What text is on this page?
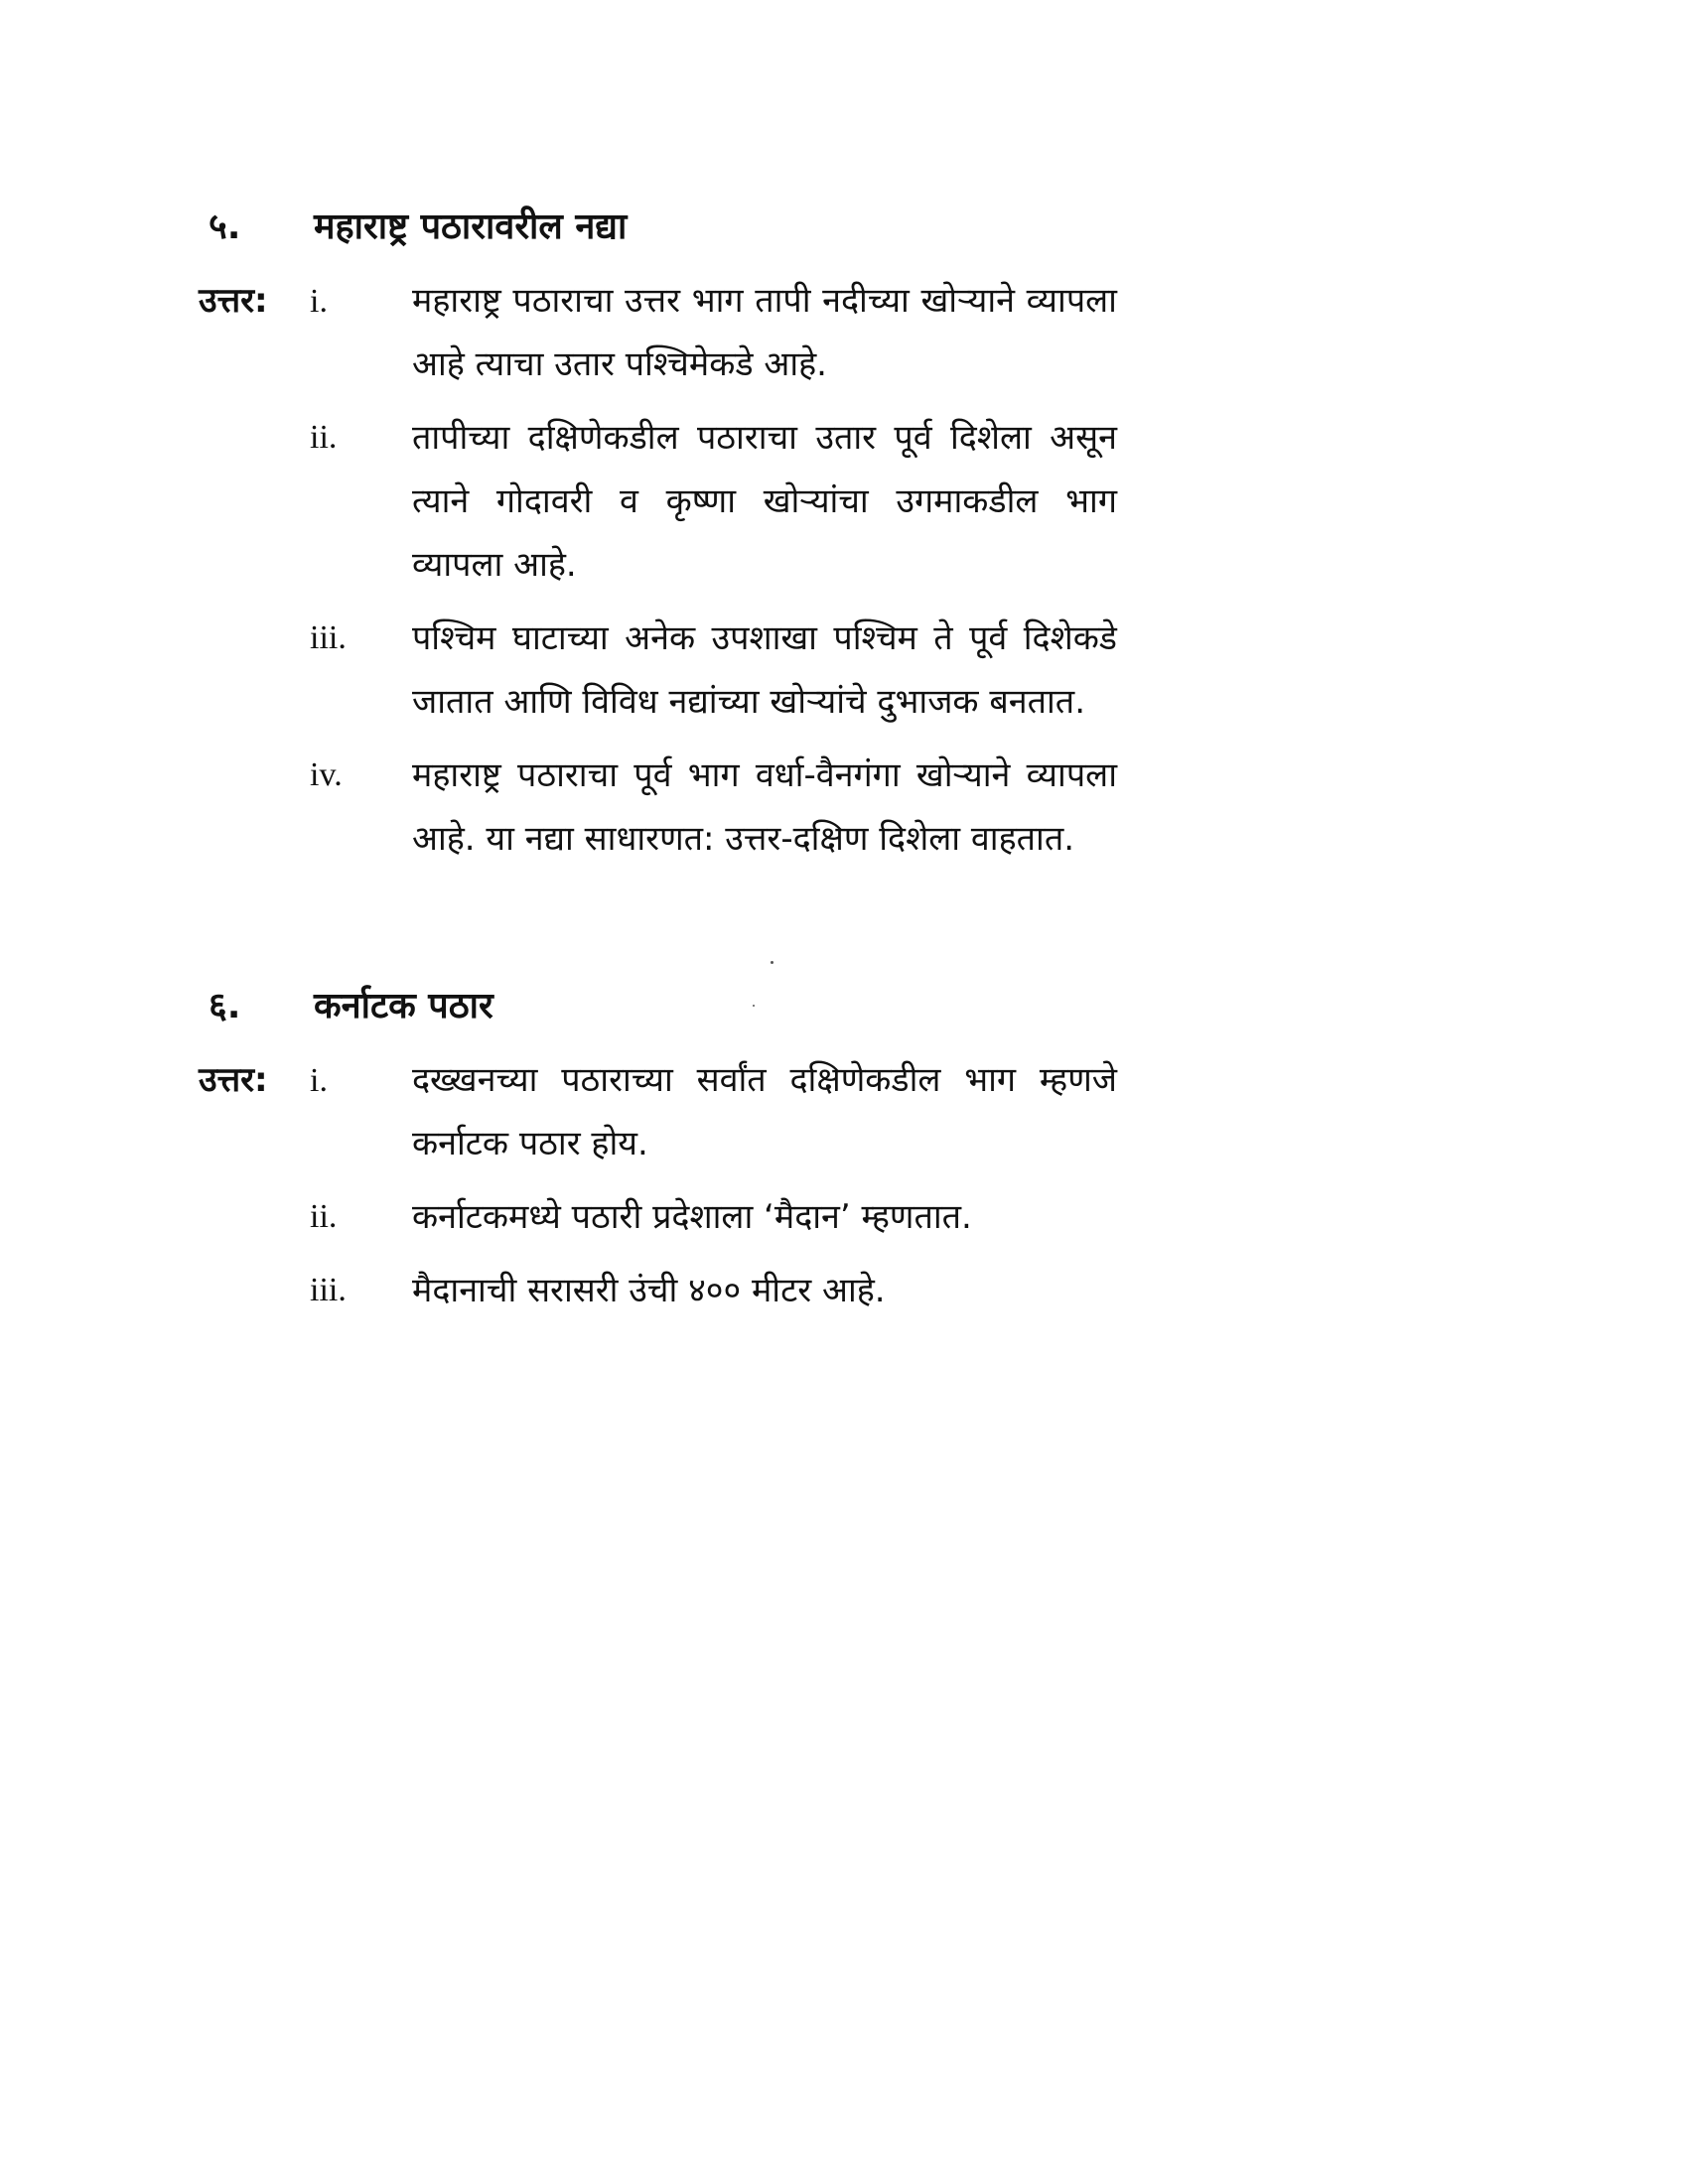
५.	महाराष्ट्र पठारावरील नद्या
उत्तर:	i.	महाराष्ट्र पठाराचा उत्तर भाग तापी नदीच्या खोऱ्याने व्यापला आहे त्याचा उतार पश्चिमेकडे आहे.
ii. तापीच्या दक्षिणेकडील पठाराचा उतार पूर्व दिशेला असून त्याने गोदावरी व कृष्णा खोऱ्यांचा उगमाकडील भाग व्यापला आहे.
iii. पश्चिम घाटाच्या अनेक उपशाखा पश्चिम ते पूर्व दिशेकडे जातात आणि विविध नद्यांच्या खोऱ्यांचे दुभाजक बनतात.
iv. महाराष्ट्र पठाराचा पूर्व भाग वर्धा-वैनगंगा खोऱ्याने व्यापला आहे. या नद्या साधारणत: उत्तर-दक्षिण दिशेला वाहतात.
६.	कर्नाटक पठार
उत्तर:	i.	दख्खनच्या पठाराच्या सर्वांत दक्षिणेकडील भाग म्हणजे कर्नाटक पठार होय.
ii. कर्नाटकमध्ये पठारी प्रदेशाला ‘मैदान’ म्हणतात.
iii. मैदानाची सरासरी उंची ४०० मीटर आहे.
